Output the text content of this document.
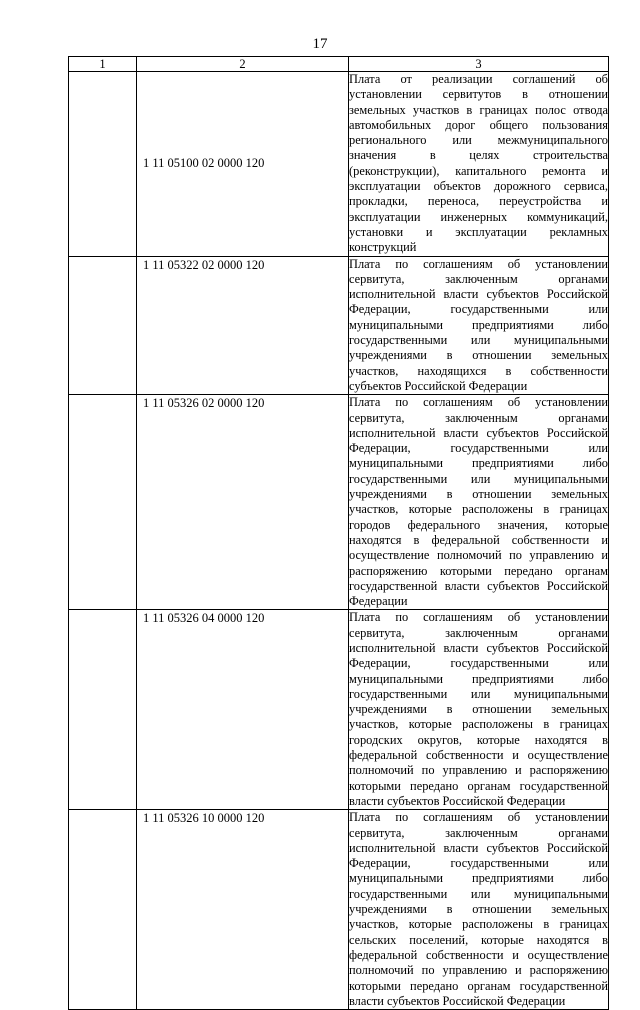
17
1	2	3
	1 11 05100 02 0000 120	Плата от реализации соглашений об установлении сервитутов в отношении земельных участков в границах полос отвода автомобильных дорог общего пользования регионального или межмуниципального значения в целях строительства (реконструкции), капитального ремонта и эксплуатации объектов дорожного сервиса, прокладки, переноса, переустройства и эксплуатации инженерных коммуникаций, установки и эксплуатации рекламных конструкций
	1 11 05322 02 0000 120	Плата по соглашениям об установлении сервитута, заключенным органами исполнительной власти субъектов Российской Федерации, государственными или муниципальными предприятиями либо государственными или муниципальными учреждениями в отношении земельных участков, находящихся в собственности субъектов Российской Федерации
	1 11 05326 02 0000 120	Плата по соглашениям об установлении сервитута, заключенным органами исполнительной власти субъектов Российской Федерации, государственными или муниципальными предприятиями либо государственными или муниципальными учреждениями в отношении земельных участков, которые расположены в границах городов федерального значения, которые находятся в федеральной собственности и осуществление полномочий по управлению и распоряжению которыми передано органам государственной власти субъектов Российской Федерации
	1 11 05326 04 0000 120	Плата по соглашениям об установлении сервитута, заключенным органами исполнительной власти субъектов Российской Федерации, государственными или муниципальными предприятиями либо государственными или муниципальными учреждениями в отношении земельных участков, которые расположены в границах городских округов, которые находятся в федеральной собственности и осуществление полномочий по управлению и распоряжению которыми передано органам государственной власти субъектов Российской Федерации
	1 11 05326 10 0000 120	Плата по соглашениям об установлении сервитута, заключенным органами исполнительной власти субъектов Российской Федерации, государственными или муниципальными предприятиями либо государственными или муниципальными учреждениями в отношении земельных участков, которые расположены в границах сельских поселений, которые находятся в федеральной собственности и осуществление полномочий по управлению и распоряжению которыми передано органам государственной власти субъектов Российской Федерации
